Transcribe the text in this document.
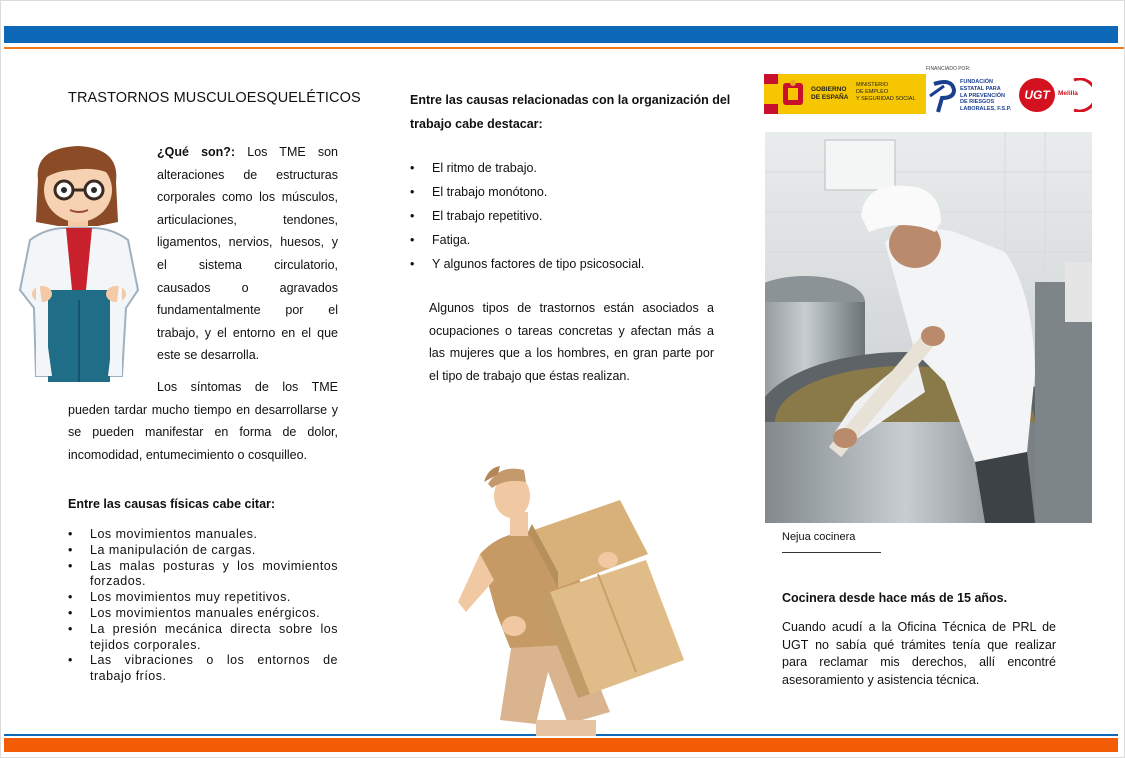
TRASTORNOS MUSCULOESQUELÉTICOS
¿Qué son?: Los TME son
alteraciones de estructuras
corporales como los músculos,
articulaciones, tendones,
ligamentos, nervios, huesos, y
el sistema circulatorio,
causados o agravados
fundamentalmente por el
trabajo, y el entorno en el que
este se desarrolla.
Los síntomas de los TME
pueden tardar mucho tiempo en desarrollarse y
se pueden manifestar en forma de dolor,
incomodidad, entumecimiento o cosquilleo.
Entre las causas físicas cabe citar:
• Los movimientos manuales.
• La manipulación de cargas.
• Las malas posturas y los movimientos forzados.
• Los movimientos muy repetitivos.
• Los movimientos manuales enérgicos.
• La presión mecánica directa sobre los tejidos corporales.
• Las vibraciones o los entornos de trabajo fríos.
Entre las causas relacionadas con la organización del
trabajo cabe destacar:
• El ritmo de trabajo.
• El trabajo monótono.
• El trabajo repetitivo.
• Fatiga.
• Y algunos factores de tipo psicosocial.
Algunos tipos de trastornos están asociados a
ocupaciones o tareas concretas y afectan más a
las mujeres que a los hombres, en gran parte por
el tipo de trabajo que éstas realizan.
GOBIERNO
DE ESPAÑA
MINISTERIO
DE EMPLEO
Y SEGURIDAD SOCIAL
FINANCIADO POR:
FUNDACIÓN
ESTATAL PARA
LA PREVENCIÓN
DE RIESGOS
LABORALES, F.S.P.
UGT	Melilla
Nejua cocinera
Cocinera desde hace más de 15 años.
Cuando acudí a la Oficina Técnica de PRL de
UGT no sabía qué trámites tenía que realizar
para reclamar mis derechos, allí encontré
asesoramiento y asistencia técnica.
